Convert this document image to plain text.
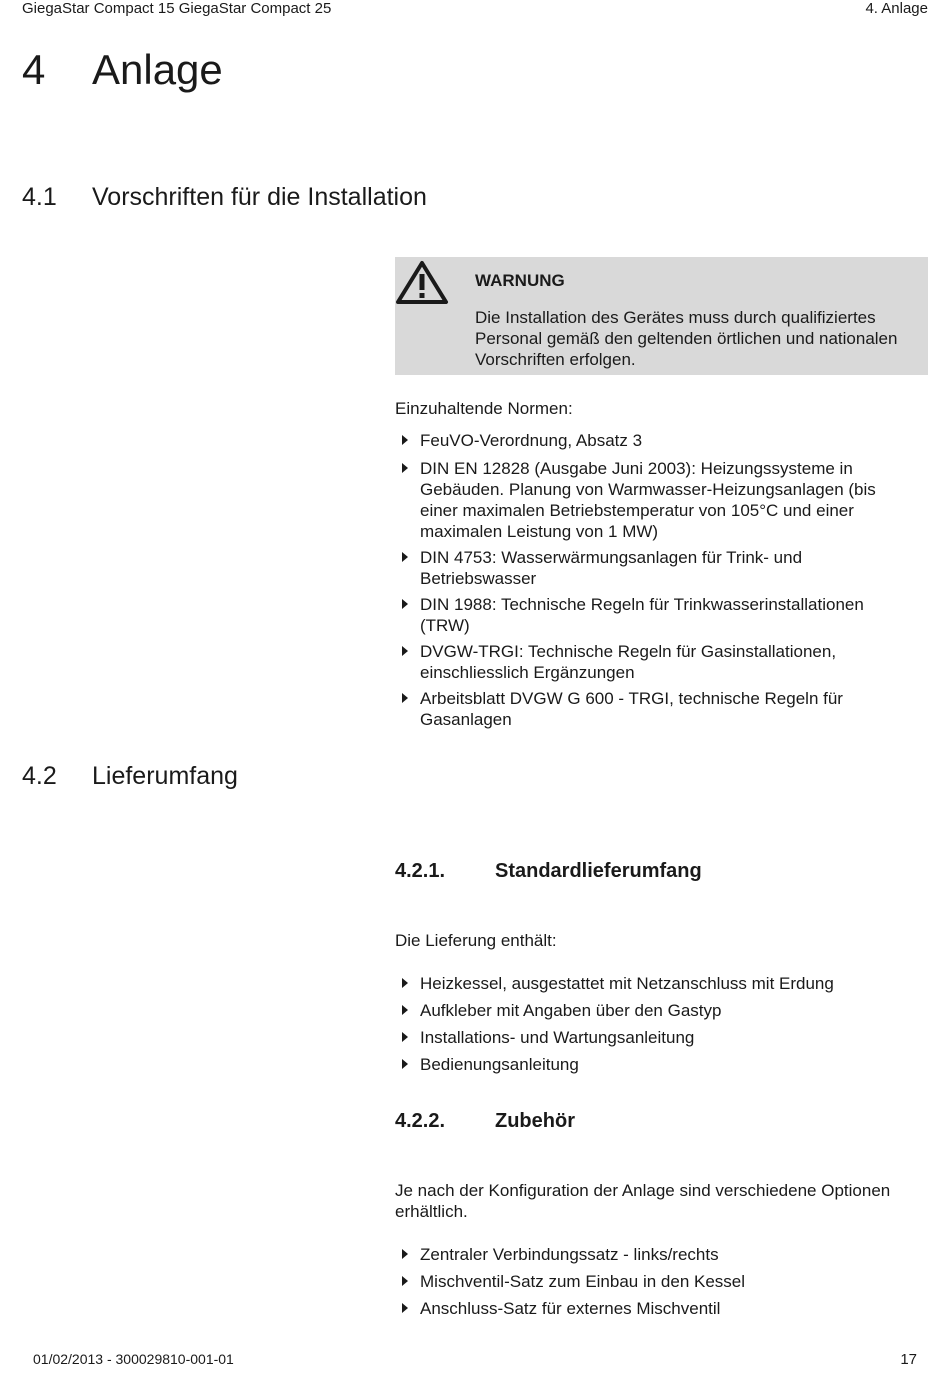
GiegaStar Compact 15 GiegaStar Compact 25	4. Anlage
4 Anlage
4.1 Vorschriften für die Installation
WARNUNG
Die Installation des Gerätes muss durch qualifiziertes Personal gemäß den geltenden örtlichen und nationalen Vorschriften erfolgen.
Einzuhaltende Normen:
FeuVO-Verordnung, Absatz 3
DIN EN 12828 (Ausgabe Juni 2003): Heizungssysteme in Gebäuden. Planung von Warmwasser-Heizungsanlagen (bis einer maximalen Betriebstemperatur von 105°C und einer maximalen Leistung von 1 MW)
DIN 4753: Wasserwärmungsanlagen für Trink- und Betriebswasser
DIN 1988: Technische Regeln für Trinkwasserinstallationen (TRW)
DVGW-TRGI: Technische Regeln für Gasinstallationen, einschliesslich Ergänzungen
Arbeitsblatt DVGW G 600 - TRGI, technische Regeln für Gasanlagen
4.2 Lieferumfang
4.2.1. Standardlieferumfang
Die Lieferung enthält:
Heizkessel, ausgestattet mit Netzanschluss mit Erdung
Aufkleber mit Angaben über den Gastyp
Installations- und Wartungsanleitung
Bedienungsanleitung
4.2.2. Zubehör
Je nach der Konfiguration der Anlage sind verschiedene Optionen erhältlich.
Zentraler Verbindungssatz - links/rechts
Mischventil-Satz zum Einbau in den Kessel
Anschluss-Satz für externes Mischventil
01/02/2013 - 300029810-001-01	17
